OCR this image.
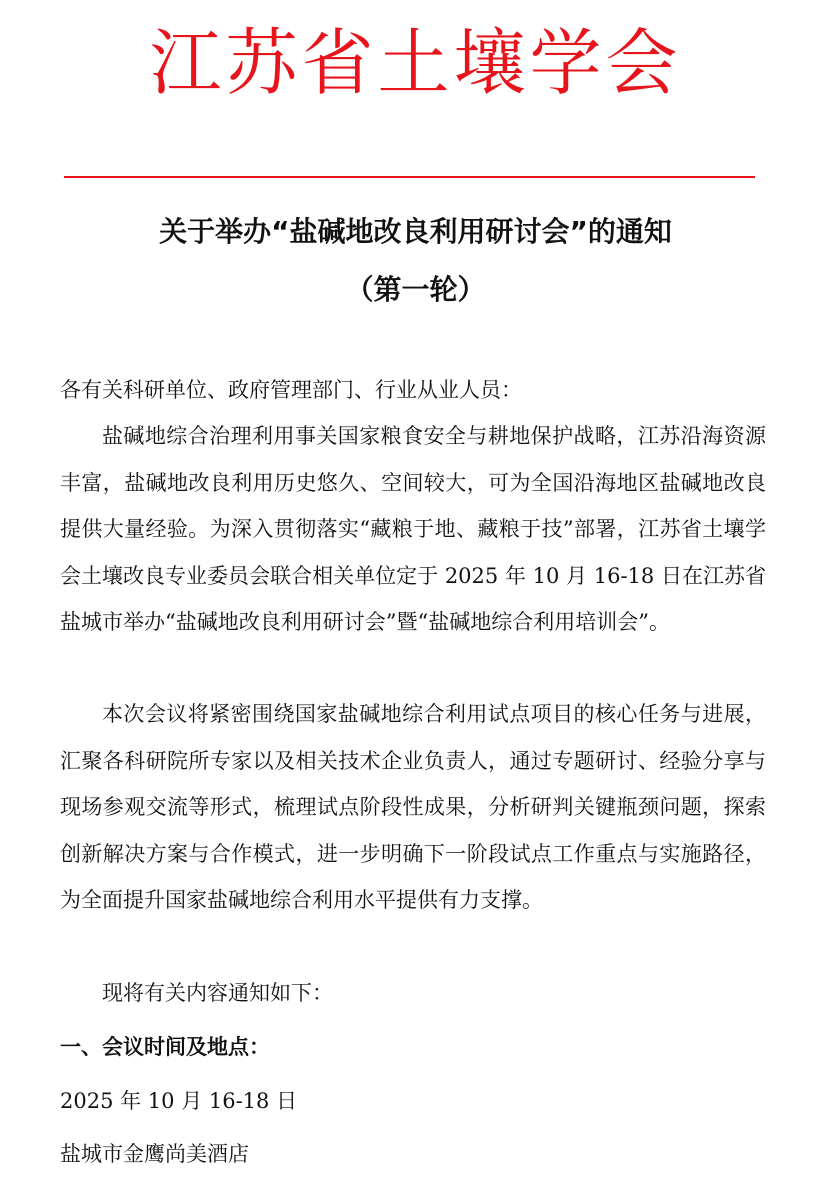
江苏省土壤学会
关于举办“盐碱地改良利用研讨会”的通知
（第一轮）
各有关科研单位、政府管理部门、行业从业人员：
盐碱地综合治理利用事关国家粮食安全与耕地保护战略，江苏沿海资源丰富，盐碱地改良利用历史悠久、空间较大，可为全国沿海地区盐碱地改良提供大量经验。为深入贯彻落实“藏粮于地、藏粮于技”部署，江苏省土壤学会土壤改良专业委员会联合相关单位定于 2025 年 10 月 16-18 日在江苏省盐城市举办“盐碱地改良利用研讨会”暨“盐碱地综合利用培训会”。
本次会议将紧密围绕国家盐碱地综合利用试点项目的核心任务与进展，汇聚各科研院所专家以及相关技术企业负责人，通过专题研讨、经验分享与现场参观交流等形式，梳理试点阶段性成果，分析研判关键瓶颈问题，探索创新解决方案与合作模式，进一步明确下一阶段试点工作重点与实施路径，为全面提升国家盐碱地综合利用水平提供有力支撑。
现将有关内容通知如下：
一、会议时间及地点：
2025 年 10 月 16-18 日
盐城市金鹰尚美酒店
